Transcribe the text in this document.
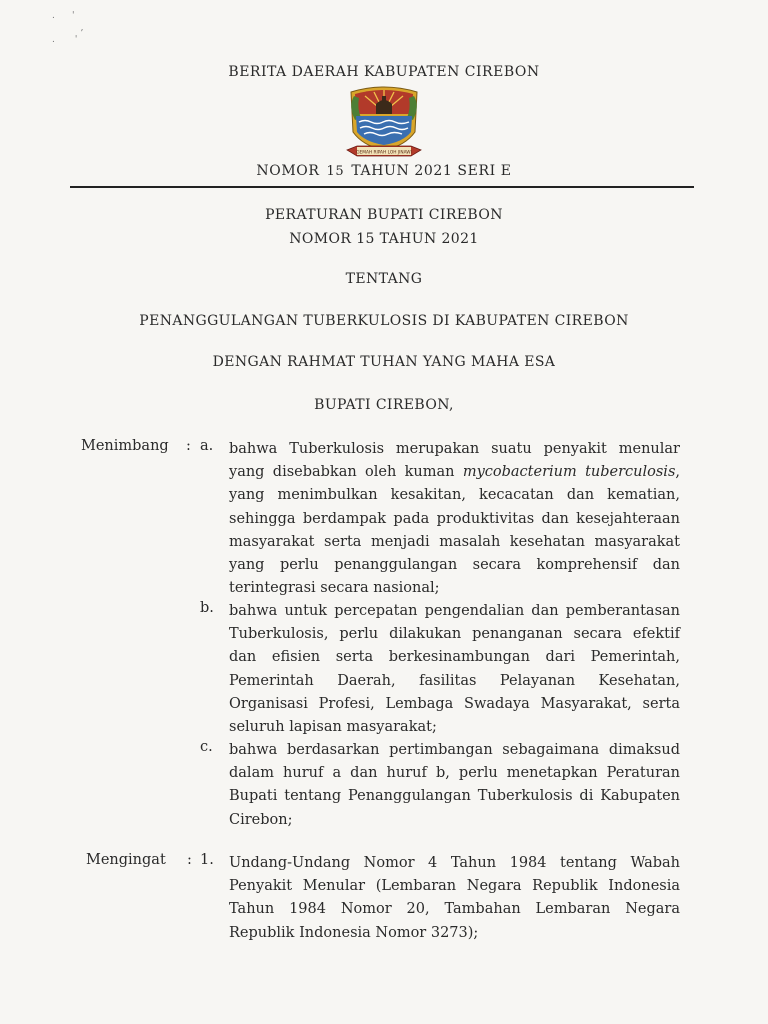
.      '
,
.       '
BERITA DAERAH KABUPATEN CIREBON
GEMAH RIPAH LOH JINAWI
NOMOR 15 TAHUN 2021 SERI E
PERATURAN BUPATI CIREBON
NOMOR 15 TAHUN 2021
TENTANG
PENANGGULANGAN TUBERKULOSIS DI KABUPATEN CIREBON
DENGAN RAHMAT TUHAN YANG MAHA ESA
BUPATI CIREBON,
Menimbang : a. bahwa Tuberkulosis merupakan suatu penyakit menular yang disebabkan oleh kuman mycobacterium tuberculosis, yang menimbulkan kesakitan, kecacatan dan kematian, sehingga berdampak pada produktivitas dan kesejahteraan masyarakat serta menjadi masalah kesehatan masyarakat yang perlu penanggulangan secara komprehensif dan terintegrasi secara nasional;
b. bahwa untuk percepatan pengendalian dan pemberantasan Tuberkulosis, perlu dilakukan penanganan secara efektif dan efisien serta berkesinambungan dari Pemerintah, Pemerintah Daerah, fasilitas Pelayanan Kesehatan, Organisasi Profesi, Lembaga Swadaya Masyarakat, serta seluruh lapisan masyarakat;
c. bahwa berdasarkan pertimbangan sebagaimana dimaksud dalam huruf a dan huruf b, perlu menetapkan Peraturan Bupati tentang Penanggulangan Tuberkulosis di Kabupaten Cirebon;
Mengingat : 1. Undang-Undang Nomor 4 Tahun 1984 tentang Wabah Penyakit Menular (Lembaran Negara Republik Indonesia Tahun 1984 Nomor 20, Tambahan Lembaran Negara Republik Indonesia Nomor 3273);
